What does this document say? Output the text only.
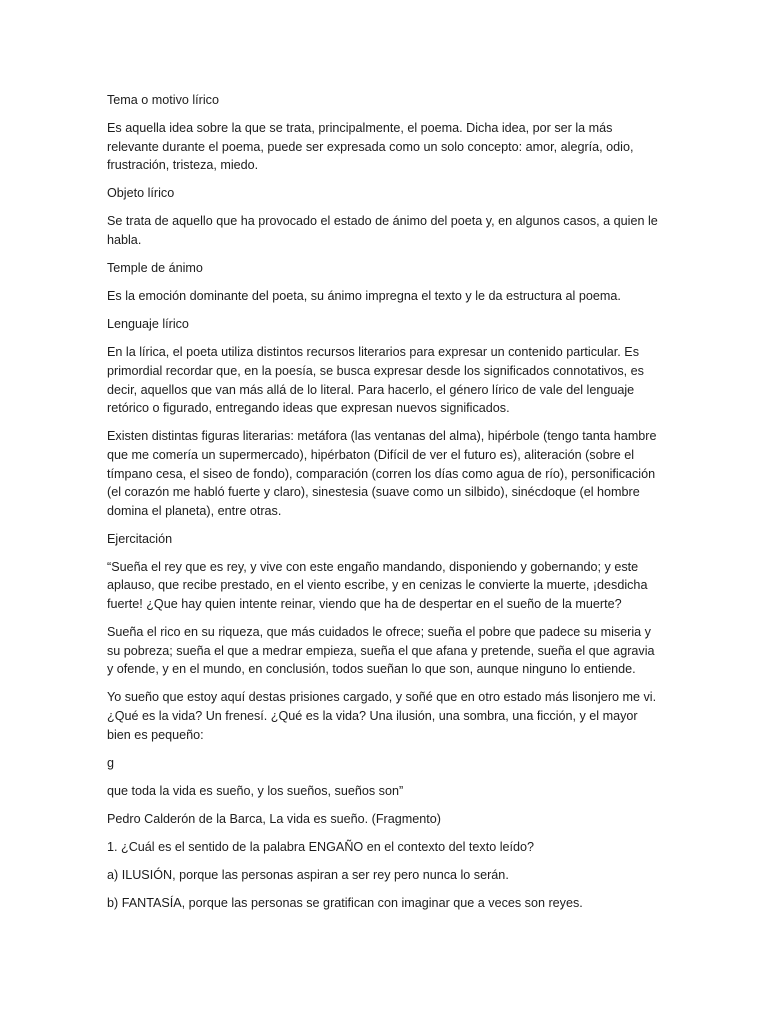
Tema o motivo lírico

Es aquella idea sobre la que se trata, principalmente, el poema. Dicha idea, por ser la más relevante durante el poema, puede ser expresada como un solo concepto: amor, alegría, odio, frustración, tristeza, miedo.

Objeto lírico

Se trata de aquello que ha provocado el estado de ánimo del poeta y, en algunos casos, a quien le habla.

Temple de ánimo

Es la emoción dominante del poeta, su ánimo impregna el texto y le da estructura al poema.

Lenguaje lírico

En la lírica, el poeta utiliza distintos recursos literarios para expresar un contenido particular. Es primordial recordar que, en la poesía, se busca expresar desde los significados connotativos, es decir, aquellos que van más allá de lo literal. Para hacerlo, el género lírico de vale del lenguaje retórico o figurado, entregando ideas que expresan nuevos significados.

Existen distintas figuras literarias: metáfora (las ventanas del alma), hipérbole (tengo tanta hambre que me comería un supermercado), hipérbaton (Difícil de ver el futuro es), aliteración (sobre el tímpano cesa, el siseo de fondo), comparación (corren los días como agua de río), personificación (el corazón me habló fuerte y claro), sinestesia (suave como un silbido), sinécdoque (el hombre domina el planeta), entre otras.

Ejercitación

“Sueña el rey que es rey, y vive con este engaño mandando, disponiendo y gobernando; y este aplauso, que recibe prestado, en el viento escribe, y en cenizas le convierte la muerte, ¡desdicha fuerte! ¿Que hay quien intente reinar, viendo que ha de despertar en el sueño de la muerte?

Sueña el rico en su riqueza, que más cuidados le ofrece; sueña el pobre que padece su miseria y su pobreza; sueña el que a medrar empieza, sueña el que afana y pretende, sueña el que agravia y ofende, y en el mundo, en conclusión, todos sueñan lo que son, aunque ninguno lo entiende.

Yo sueño que estoy aquí destas prisiones cargado, y soñé que en otro estado más lisonjero me vi. ¿Qué es la vida? Un frenesí. ¿Qué es la vida? Una ilusión, una sombra, una ficción, y el mayor bien es pequeño:

g

que toda la vida es sueño, y los sueños, sueños son”

Pedro Calderón de la Barca, La vida es sueño. (Fragmento)

1. ¿Cuál es el sentido de la palabra ENGAÑO en el contexto del texto leído?

a) ILUSIÓN, porque las personas aspiran a ser rey pero nunca lo serán.

b) FANTASÍA, porque las personas se gratifican con imaginar que a veces son reyes.
